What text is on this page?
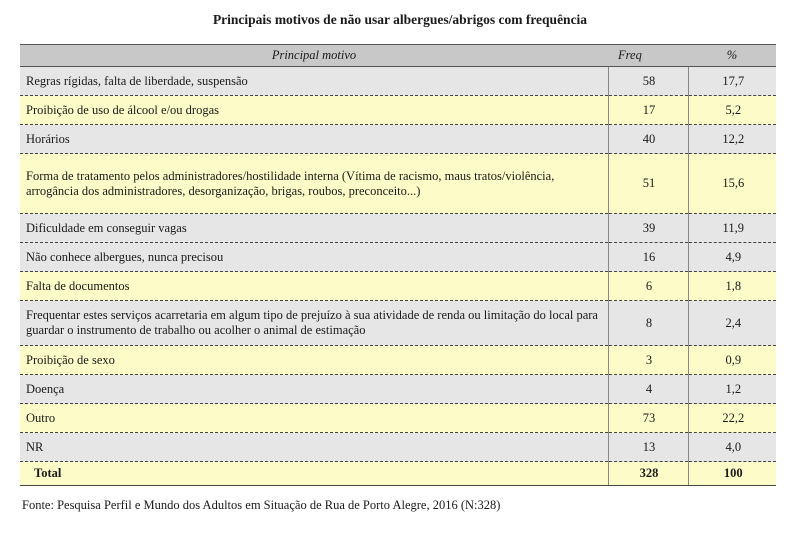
Principais motivos de não usar albergues/abrigos com frequência
Principal motivo	Freq	%
Regras rígidas, falta de liberdade, suspensão	58	17,7
Proibição de uso de álcool e/ou drogas	17	5,2
Horários	40	12,2
Forma de tratamento pelos administradores/hostilidade interna (Vítima de racismo, maus tratos/violência, arrogância dos administradores, desorganização, brigas, roubos, preconceito...)	51	15,6
Dificuldade em conseguir vagas	39	11,9
Não conhece albergues, nunca precisou	16	4,9
Falta de documentos	6	1,8
Frequentar estes serviços acarretaria em algum tipo de prejuízo à sua atividade de renda ou limitação do local para guardar o instrumento de trabalho ou acolher o animal de estimação	8	2,4
Proibição de sexo	3	0,9
Doença	4	1,2
Outro	73	22,2
NR	13	4,0
Total	328	100
Fonte: Pesquisa Perfil e Mundo dos Adultos em Situação de Rua de Porto Alegre, 2016 (N:328)
